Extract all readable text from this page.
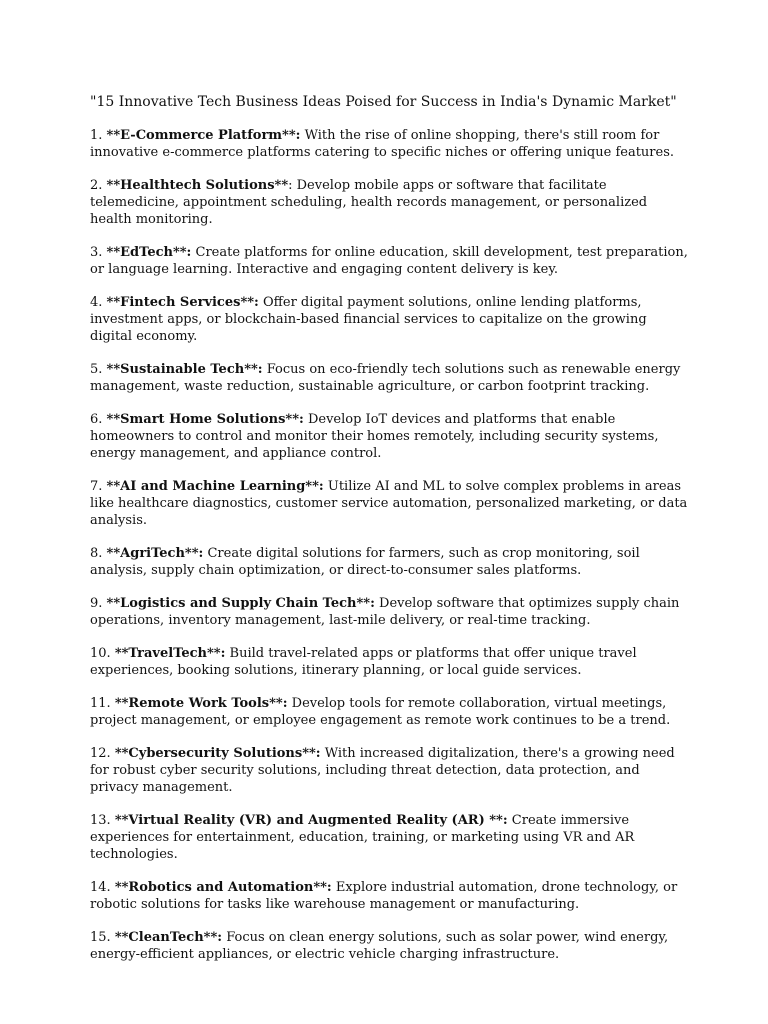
"15 Innovative Tech Business Ideas Poised for Success in India's Dynamic Market"
1. **E-Commerce Platform**: With the rise of online shopping, there's still room for innovative e-commerce platforms catering to specific niches or offering unique features.
2. **Healthtech Solutions**: Develop mobile apps or software that facilitate telemedicine, appointment scheduling, health records management, or personalized health monitoring.
3. **EdTech**: Create platforms for online education, skill development, test preparation, or language learning. Interactive and engaging content delivery is key.
4. **Fintech Services**: Offer digital payment solutions, online lending platforms, investment apps, or blockchain-based financial services to capitalize on the growing digital economy.
5. **Sustainable Tech**: Focus on eco-friendly tech solutions such as renewable energy management, waste reduction, sustainable agriculture, or carbon footprint tracking.
6. **Smart Home Solutions**: Develop IoT devices and platforms that enable homeowners to control and monitor their homes remotely, including security systems, energy management, and appliance control.
7. **AI and Machine Learning**: Utilize AI and ML to solve complex problems in areas like healthcare diagnostics, customer service automation, personalized marketing, or data analysis.
8. **AgriTech**: Create digital solutions for farmers, such as crop monitoring, soil analysis, supply chain optimization, or direct-to-consumer sales platforms.
9. **Logistics and Supply Chain Tech**: Develop software that optimizes supply chain operations, inventory management, last-mile delivery, or real-time tracking.
10. **TravelTech**: Build travel-related apps or platforms that offer unique travel experiences, booking solutions, itinerary planning, or local guide services.
11. **Remote Work Tools**: Develop tools for remote collaboration, virtual meetings, project management, or employee engagement as remote work continues to be a trend.
12. **Cybersecurity Solutions**: With increased digitalization, there's a growing need for robust cyber security solutions, including threat detection, data protection, and privacy management.
13. **Virtual Reality (VR) and Augmented Reality (AR) **: Create immersive experiences for entertainment, education, training, or marketing using VR and AR technologies.
14. **Robotics and Automation**: Explore industrial automation, drone technology, or robotic solutions for tasks like warehouse management or manufacturing.
15. **CleanTech**: Focus on clean energy solutions, such as solar power, wind energy, energy-efficient appliances, or electric vehicle charging infrastructure.
